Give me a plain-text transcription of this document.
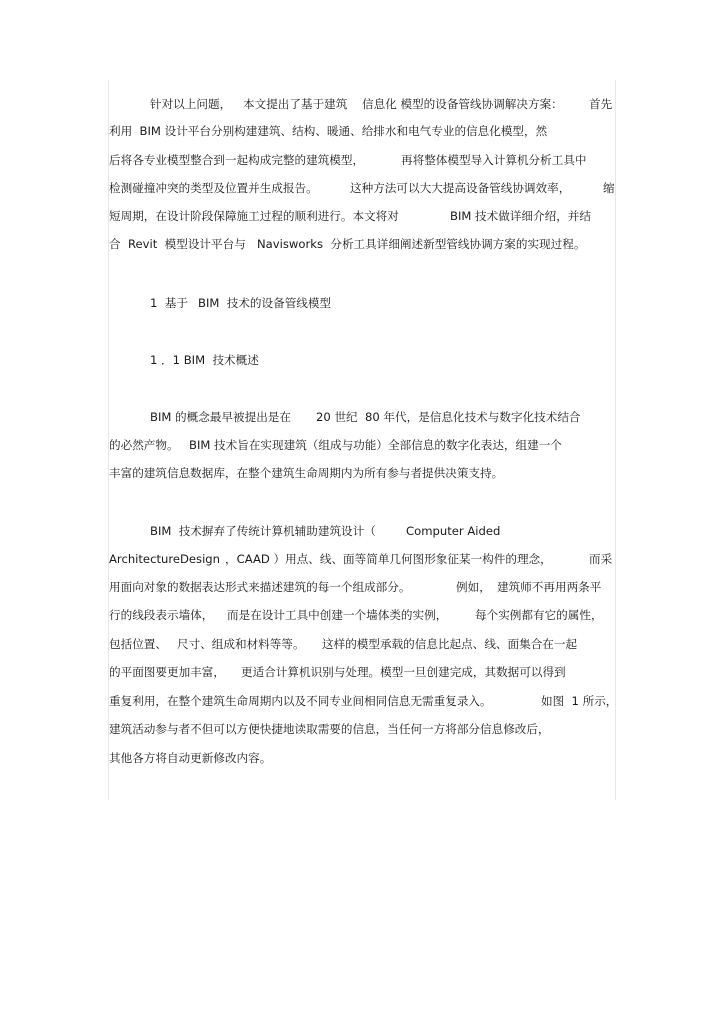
针对以上问题，

本文提出了基于建筑

信息化 模型的设备管线协调解决方案：

首先

利用  BIM 设计平台分别构建建筑、结构、暖通、给排水和电气专业的信息化模型，然

后将各专业模型整合到一起构成完整的建筑模型，

	再将整体模型导入计算机分析工具中

检测碰撞冲突的类型及位置并生成报告。

	这种方法可以大大提高设备管线协调效率，

	缩

短周期，在设计阶段保障施工过程的顺利进行。本文将对

	BIM 技术做详细介绍，并结

合  Revit  模型设计平台与

Navisworks  分析工具详细阐述新型管线协调方案的实现过程。

1  基于

BIM  技术的设备管线模型

1 ．1 BIM  技术概述

BIM 的概念最早被提出是在

20 世纪  80 年代，是信息化技术与数字化技术结合

的必然产物。

BIM 技术旨在实现建筑（组成与功能）全部信息的数字化表达，组建一个

丰富的建筑信息数据库，在整个建筑生命周期内为所有参与者提供决策支持。

BIM  技术摒弃了传统计算机辅助建筑设计（

	Computer Aided

ArchitectureDesign

，CAAD ）用点、线、面等简单几何图形象征某一构件的理念，

	而采

用面向对象的数据表达形式来描述建筑的每一个组成部分。

	例如，

建筑师不再用两条平

行的线段表示墙体，

而是在设计工具中创建一个墙体类的实例，

每个实例都有它的属性，

包括位置、

尺寸、组成和材料等等。

这样的模型承载的信息比起点、线、面集合在一起

的平面图要更加丰富，

更适合计算机识别与处理。模型一旦创建完成，其数据可以得到

重复利用，在整个建筑生命周期内以及不同专业间相同信息无需重复录入。

	如图  1 所示，

建筑活动参与者不但可以方便快捷地读取需要的信息，当任何一方将部分信息修改后，

其他各方将自动更新修改内容。
